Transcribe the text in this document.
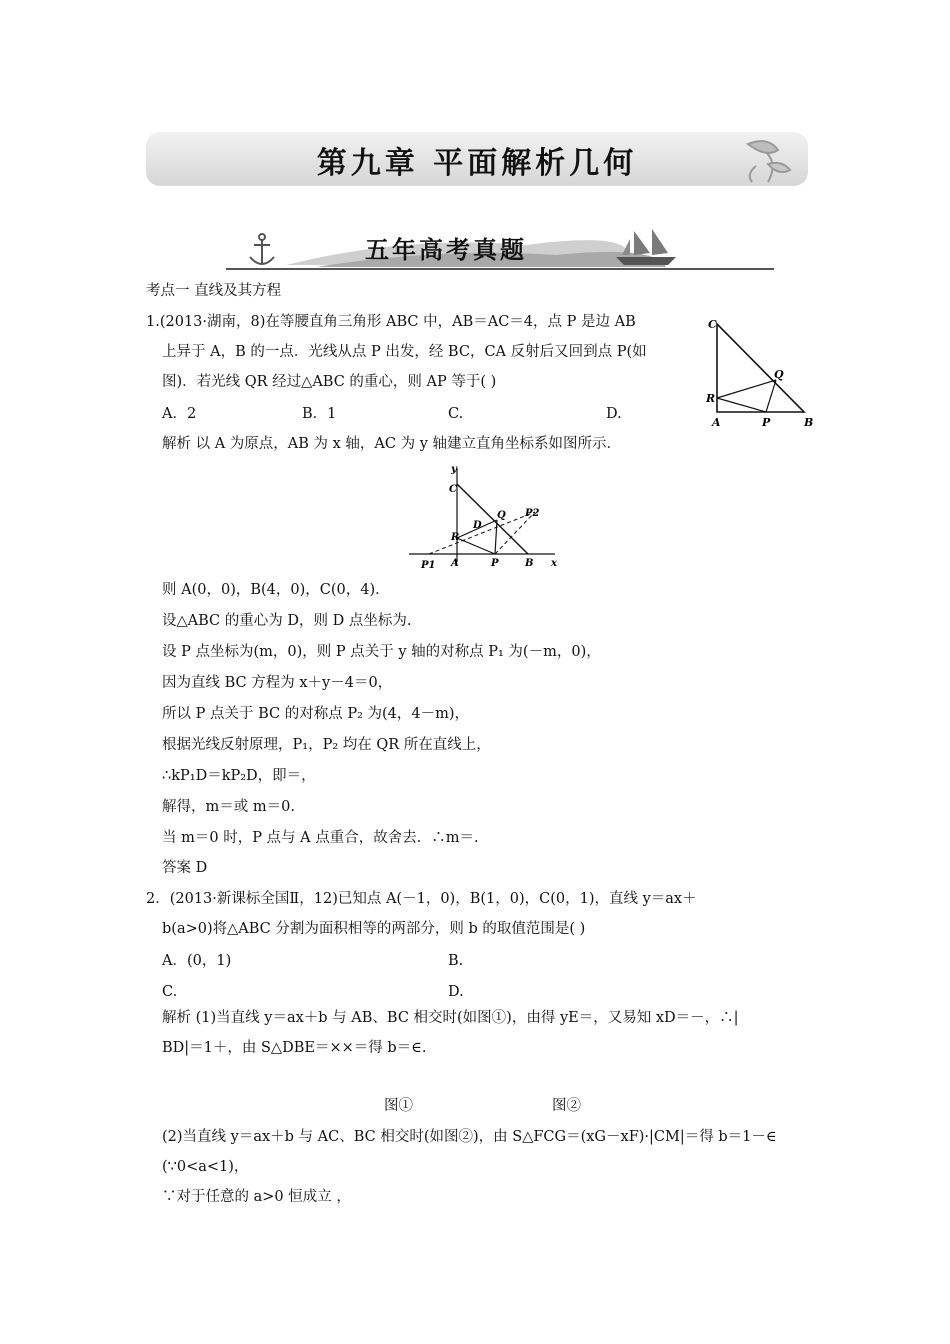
第九章 平面解析几何
五年高考真题
考点一 直线及其方程
1.(2013·湖南，8)在等腰直角三角形 ABC 中，AB＝AC＝4，点 P 是边 AB
上异于 A，B 的一点．光线从点 P 出发，经 BC，CA 反射后又回到点 P(如
图)．若光线 QR 经过△ABC 的重心，则 AP 等于( )
A．2	B．1	C.	D.
C
Q
R
A	P	B
解析 以 A 为原点，AB 为 x 轴，AC 为 y 轴建立直角坐标系如图所示．
y
C
Q P2
D
R
P1 A	P	B x
则 A(0，0)，B(4，0)，C(0，4)．
设△ABC 的重心为 D，则 D 点坐标为.
设 P 点坐标为(m，0)，则 P 点关于 y 轴的对称点 P₁ 为(－m，0)，
因为直线 BC 方程为 x＋y－4＝0，
所以 P 点关于 BC 的对称点 P₂ 为(4，4－m)，
根据光线反射原理，P₁，P₂ 均在 QR 所在直线上，
∴kP₁D＝kP₂D，即＝，
解得，m＝或 m＝0.
当 m＝0 时，P 点与 A 点重合，故舍去．∴m＝.
答案 D
2．(2013·新课标全国Ⅱ，12)已知点 A(－1，0)，B(1，0)，C(0，1)，直线 y＝ax＋
b(a>0)将△ABC 分割为面积相等的两部分，则 b 的取值范围是( )
A．(0，1)	B.
C.	D.
解析 (1)当直线 y＝ax＋b 与 AB、BC 相交时(如图①)，由得 yE＝，又易知 xD＝－，∴|
BD|＝1＋，由 S△DBE＝××＝得 b＝∈.
图①	图②
(2)当直线 y＝ax＋b 与 AC、BC 相交时(如图②)，由 S△FCG＝(xG－xF)·|CM|＝得 b＝1－∈
(∵0<a<1)，
∵对于任意的 a>0 恒成立 ，
